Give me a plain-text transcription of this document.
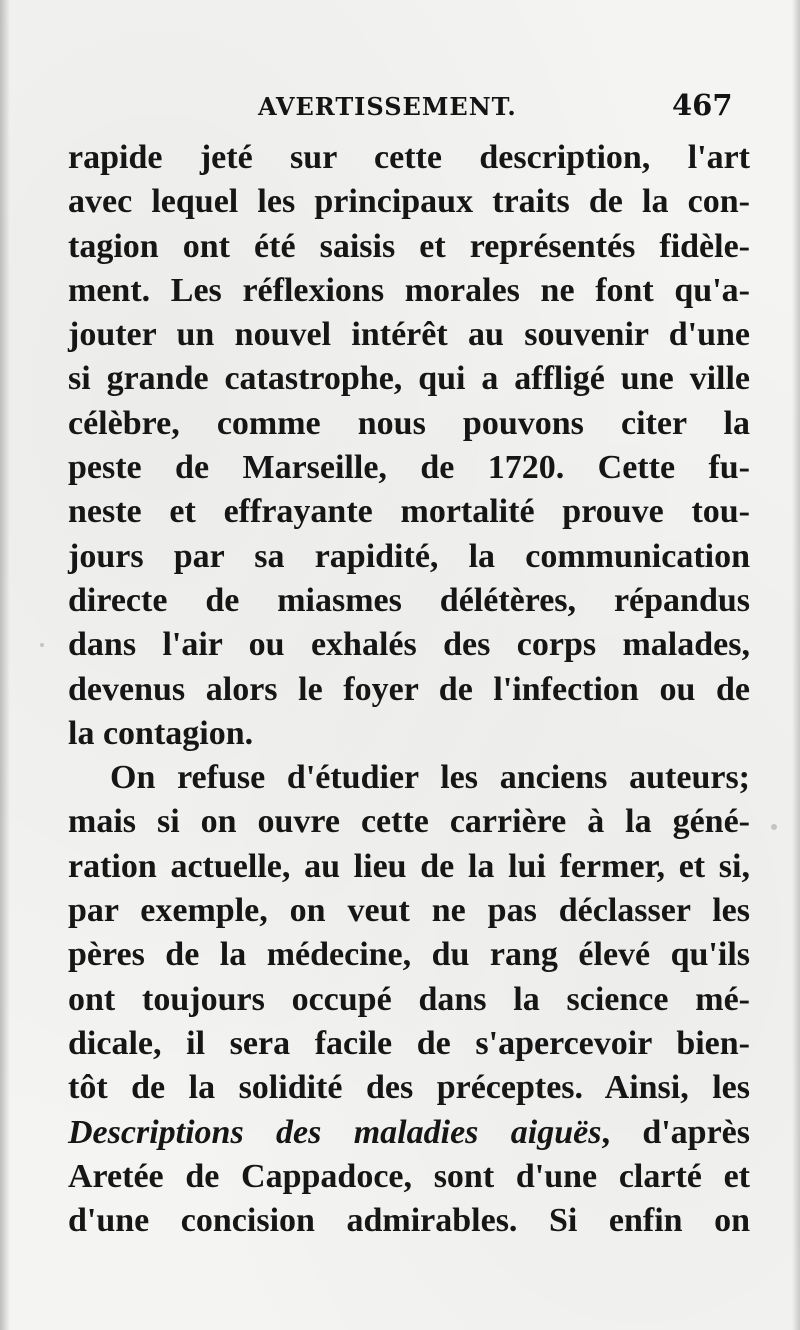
AVERTISSEMENT.	467
rapide jeté sur cette description, l'art
avec lequel les principaux traits de la con-
tagion ont été saisis et représentés fidèle-
ment. Les réflexions morales ne font qu'a-
jouter un nouvel intérêt au souvenir d'une
si grande catastrophe, qui a affligé une ville
célèbre, comme nous pouvons citer la
peste de Marseille, de 1720. Cette fu-
neste et effrayante mortalité prouve tou-
jours par sa rapidité, la communication
directe de miasmes délétères, répandus
dans l'air ou exhalés des corps malades,
devenus alors le foyer de l'infection ou de
la contagion.
On refuse d'étudier les anciens auteurs;
mais si on ouvre cette carrière à la géné-
ration actuelle, au lieu de la lui fermer, et si,
par exemple, on veut ne pas déclasser les
pères de la médecine, du rang élevé qu'ils
ont toujours occupé dans la science mé-
dicale, il sera facile de s'apercevoir bien-
tôt de la solidité des préceptes. Ainsi, les
Descriptions des maladies aiguës, d'après
Aretée de Cappadoce, sont d'une clarté et
d'une concision admirables. Si enfin on
